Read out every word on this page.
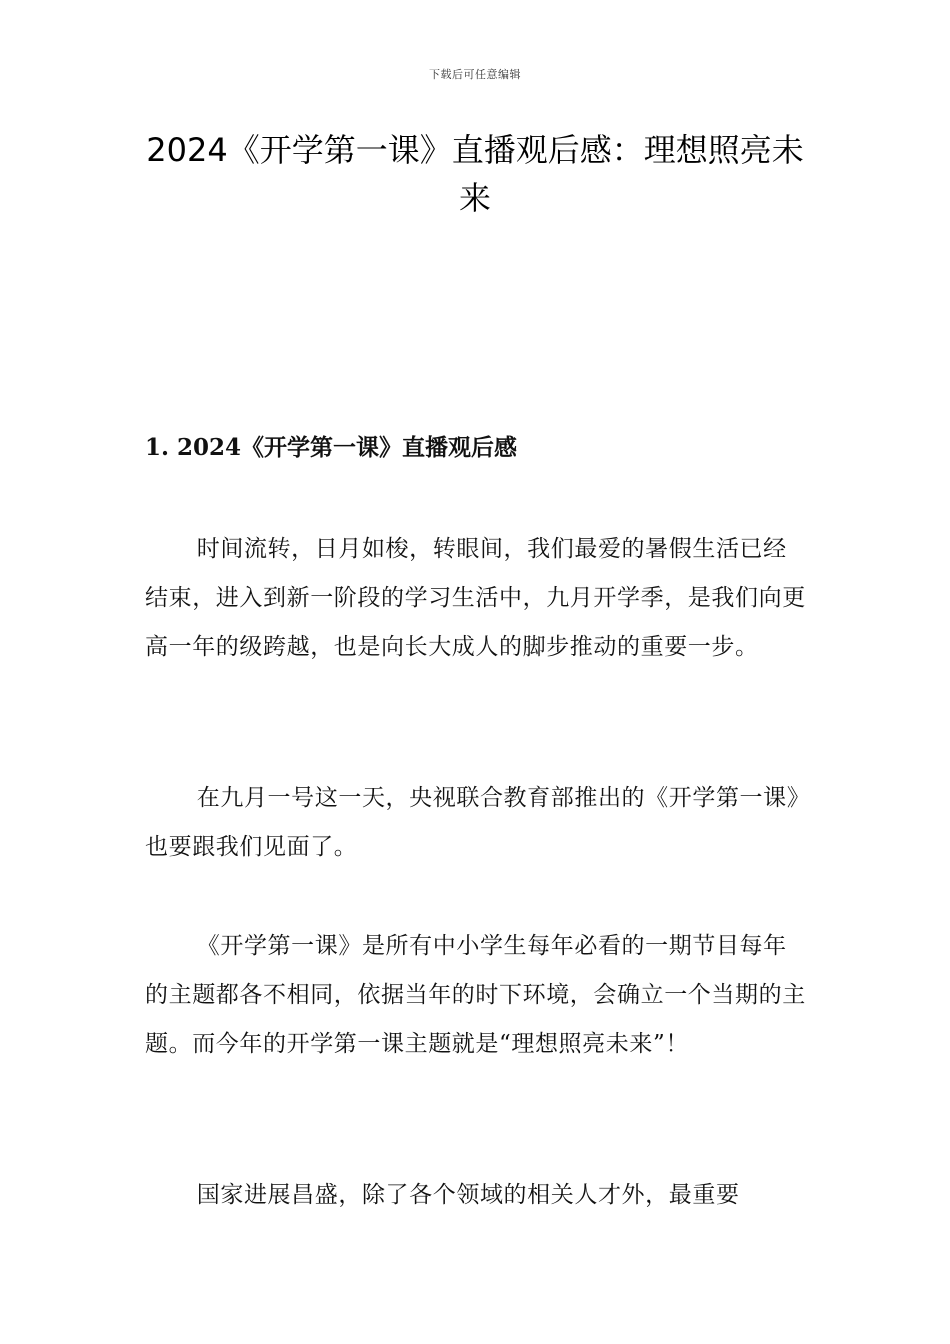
下载后可任意编辑
2024《开学第一课》直播观后感：理想照亮未来
1. 2024《开学第一课》直播观后感

时间流转，日月如梭，转眼间，我们最爱的暑假生活已经结束，进入到新一阶段的学习生活中，九月开学季，是我们向更高一年的级跨越，也是向长大成人的脚步推动的重要一步。

在九月一号这一天，央视联合教育部推出的《开学第一课》也要跟我们见面了。

《开学第一课》是所有中小学生每年必看的一期节目每年的主题都各不相同，依据当年的时下环境，会确立一个当期的主题。而今年的开学第一课主题就是“理想照亮未来”！

国家进展昌盛，除了各个领域的相关人才外，最重要
